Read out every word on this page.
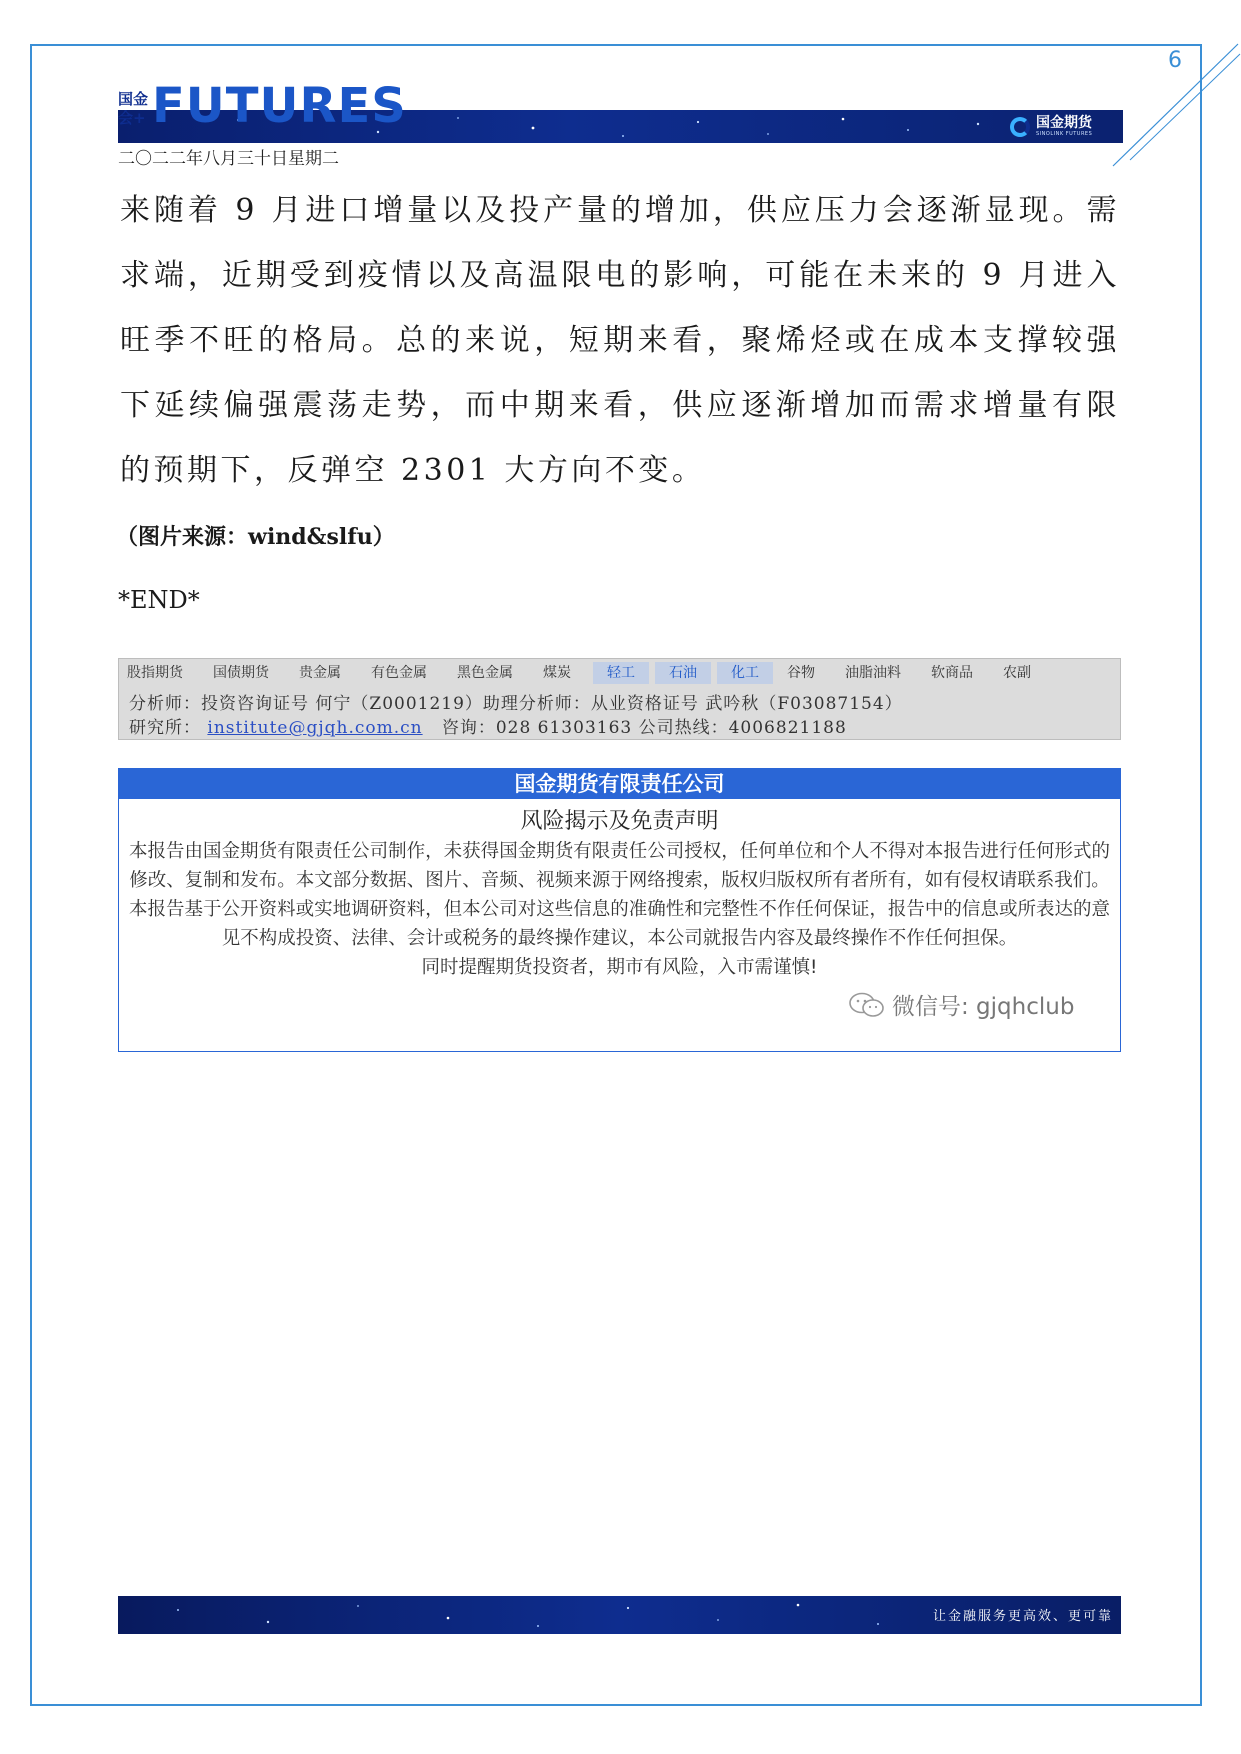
6
国金会+ FUTURES	国金期货
SINOLINK FUTURES
二〇二二年八月三十日星期二
来随着 9 月进口增量以及投产量的增加，供应压力会逐渐显现。需求端，近期受到疫情以及高温限电的影响，可能在未来的 9 月进入旺季不旺的格局。总的来说，短期来看，聚烯烃或在成本支撑较强下延续偏强震荡走势，而中期来看，供应逐渐增加而需求增量有限的预期下，反弹空 2301 大方向不变。
（图片来源：wind&slfu）
*END*
股指期货	国债期货	贵金属	有色金属	黑色金属	煤炭	轻工	石油	化工	谷物	油脂油料	软商品	农副
分析师：投资咨询证号 何宁（Z0001219）助理分析师：从业资格证号 武吟秋（F03087154）
研究所： institute@gjqh.com.cn 咨询：028 61303163 公司热线：4006821188
国金期货有限责任公司
风险揭示及免责声明
本报告由国金期货有限责任公司制作，未获得国金期货有限责任公司授权，任何单位和个人不得对本报告进行任何形式的修改、复制和发布。本文部分数据、图片、音频、视频来源于网络搜索，版权归版权所有者所有，如有侵权请联系我们。
本报告基于公开资料或实地调研资料，但本公司对这些信息的准确性和完整性不作任何保证，报告中的信息或所表达的意见不构成投资、法律、会计或税务的最终操作建议，本公司就报告内容及最终操作不作任何担保。
同时提醒期货投资者，期市有风险，入市需谨慎!
微信号: gjqhclub
让金融服务更高效、更可靠
